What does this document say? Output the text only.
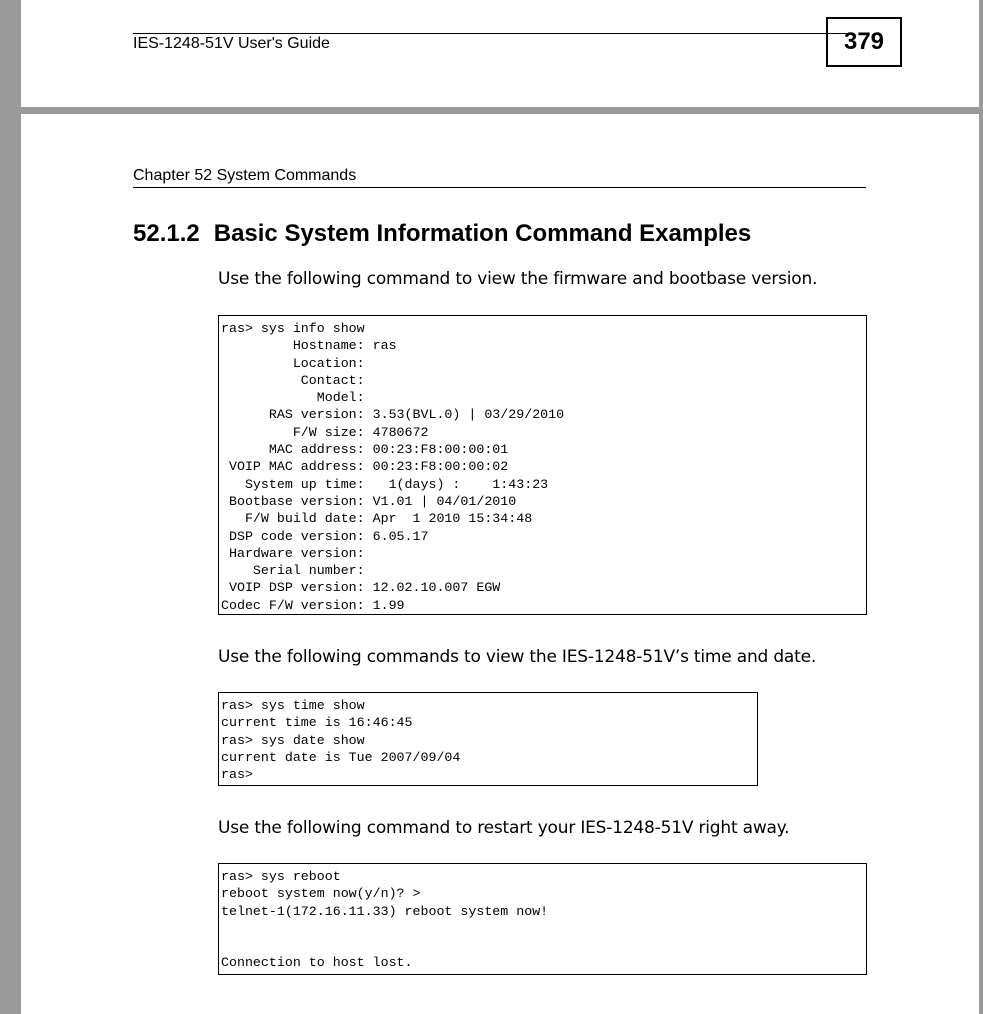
IES-1248-51V User's Guide	379
Chapter 52 System Commands
52.1.2 Basic System Information Command Examples
Use the following command to view the firmware and bootbase version.
ras> sys info show
Hostname: ras
Location:
Contact:
Model:
RAS version: 3.53(BVL.0) | 03/29/2010
F/W size: 4780672
MAC address: 00:23:F8:00:00:01
VOIP MAC address: 00:23:F8:00:00:02
System up time:   1(days) :    1:43:23
Bootbase version: V1.01 | 04/01/2010
F/W build date: Apr  1 2010 15:34:48
DSP code version: 6.05.17
Hardware version:
Serial number:
VOIP DSP version: 12.02.10.007 EGW
Codec F/W version: 1.99
Use the following commands to view the IES-1248-51V’s time and date.
ras> sys time show
current time is 16:46:45
ras> sys date show
current date is Tue 2007/09/04
ras>
Use the following command to restart your IES-1248-51V right away.
ras> sys reboot
reboot system now(y/n)? >
telnet-1(172.16.11.33) reboot system now!

Connection to host lost.
